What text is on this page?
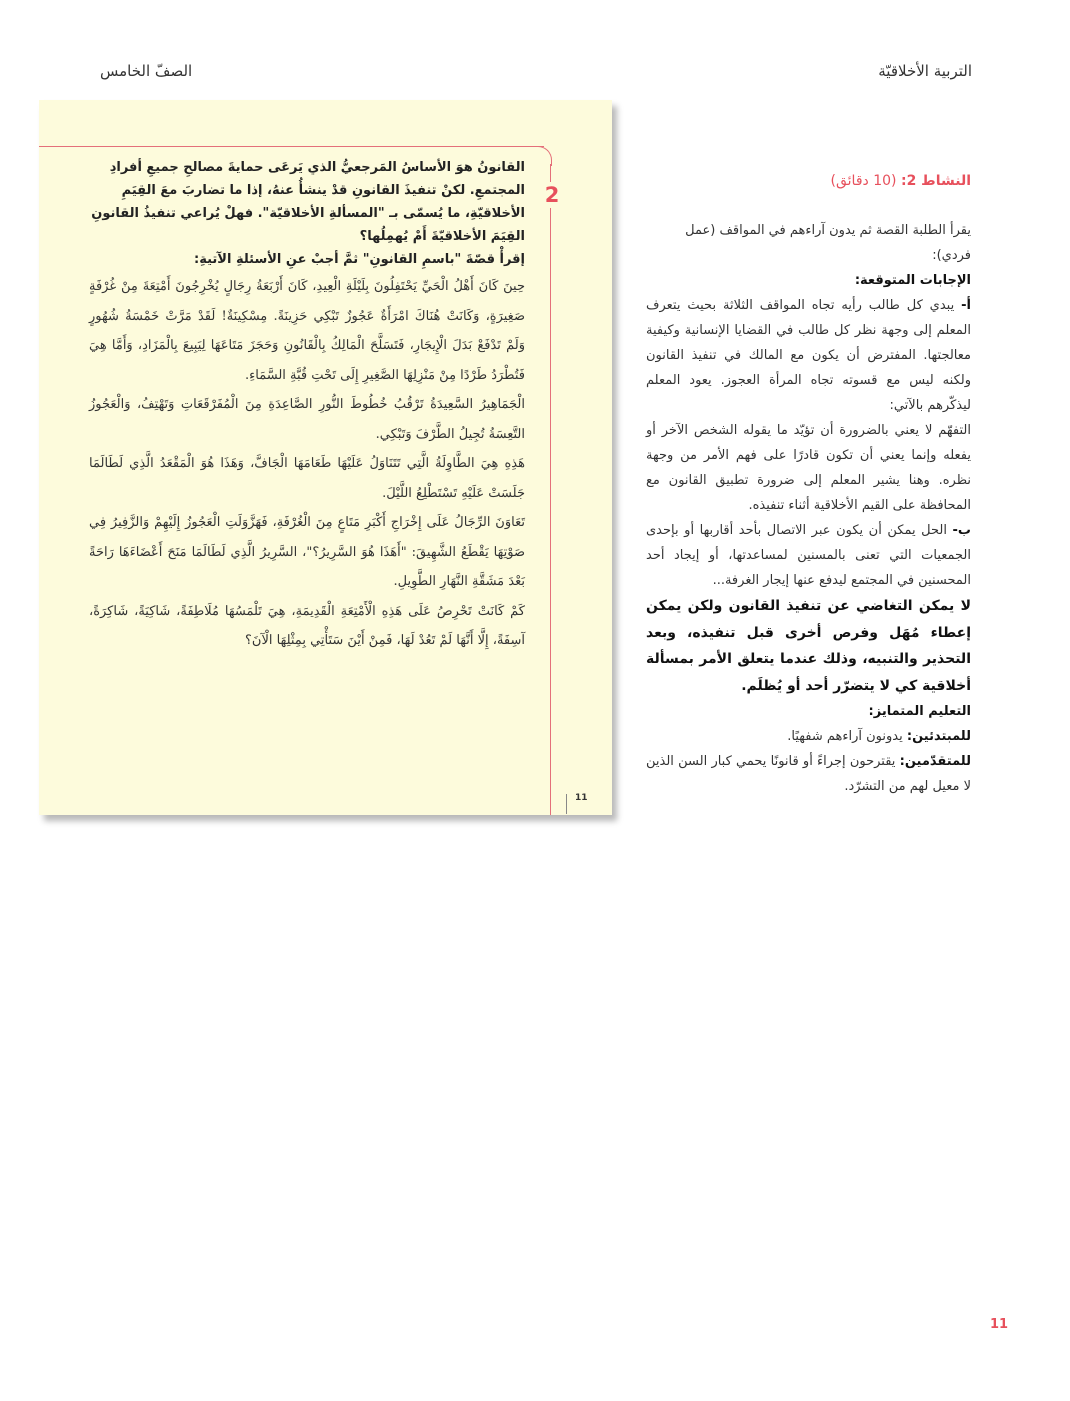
التربية الأخلاقيّة
الصفّ الخامس
2

القانونُ هوَ الأساسُ المَرجعيُّ الذي يَرعَى حمايةَ مصالحِ جميعِ أفرادِ المجتمعِ. لكنْ تنفيذَ القانونِ قدْ ينشأُ عنهُ، إذا ما تضاربَ معَ القِيَمِ الأخلاقيّةِ، ما يُسمّى بـ "المسألةِ الأخلاقيّة". فهلْ يُراعي تنفيذُ القانونِ القِيَمَ الأخلاقيّةَ أَمْ يُهمِلُها؟

إقرأْ قصّةَ "باسمِ القانونِ" ثمَّ أجبْ عنِ الأسئلةِ الآتيةِ:

حِينَ كَانَ أَهْلُ الْحَيِّ يَحْتَفِلُونَ بِلَيْلَةِ الْعِيدِ، كَانَ أَرْبَعَةُ رِجَالٍ يُخْرِجُونَ أَمْتِعَةَ مِنْ غُرْفَةٍ صَغِيرَةٍ، وَكَانَتْ هُنَاكَ امْرَأَةٌ عَجُوزٌ تَبْكِي حَزِينَةً. مِسْكِينَةٌ! لَقَدْ مَرَّتْ خَمْسَةُ شُهُورٍ وَلَمْ تَدْفَعْ بَدَلَ الْإِيجَارِ، فَتَسَلَّحَ الْمَالِكُ بِالْقَانُونِ وَحَجَزَ مَتَاعَهَا لِيَبِيعَ بِالْمَزَادِ، وَأَمَّا هِيَ فَتُطْرَدُ طَرْدًا مِنْ مَنْزِلِهَا الصَّغِيرِ إِلَى تَحْتِ قُبَّةِ السَّمَاءِ.

الْجَمَاهِيرُ السَّعِيدَةُ تَرْقُبُ خُطُوطَ النُّورِ الصَّاعِدَةِ مِنَ الْمُفَرْقَعَاتِ وَتَهْتِفُ، وَالْعَجُوزُ التَّعِسَةُ تُجِيلُ الطَّرْفَ وَتَبْكِي.

هَذِهِ هِيَ الطَّاوِلَةُ الَّتِي تَتَنَاوَلُ عَلَيْهَا طَعَامَهَا الْجَافَّ، وَهَذَا هُوَ الْمَقْعَدُ الَّذِي لَطَالَمَا جَلَسَتْ عَلَيْهِ تَسْتَطْلِعُ اللَّيْلَ.

تَعَاوَنَ الرِّجَالُ عَلَى إِخْرَاجِ أَكْبَرِ مَتَاعٍ مِنَ الْغُرْفَةِ، فَهَزَّوَلَتِ الْعَجُوزُ إِلَيْهِمْ وَالزَّفِيرُ فِي صَوْتِهَا يَقْطَعُ الشَّهِيقَ: "أَهَذَا هُوَ السَّرِيرُ؟"، السَّرِيرُ الَّذِي لَطَالَمَا مَنَحَ أَعْضَاءَهَا رَاحَةً بَعْدَ مَشَقَّةِ النَّهَارِ الطَّوِيلِ.

كَمْ كَانَتْ تَحْرِصُ عَلَى هَذِهِ الْأَمْتِعَةِ الْقَدِيمَةِ، هِيَ تَلْمَسُهَا مُلَاطِفَةً، شَاكِيَةً، شَاكِرَةً، آسِفَةً، إِلَّا أَنَّهَا لَمْ تَعُدْ لَهَا، فَمِنْ أَيْنَ سَتَأْتِي بِمِثْلِهَا الْآنَ؟

11
النشاط 2: (10 دقائق)
يقرأ الطلبة القصة ثم يدون آراءهم في المواقف (عمل فردي):
الإجابات المتوقعة:
أ- يبدي كل طالب رأيه تجاه المواقف الثلاثة بحيث يتعرف المعلم إلى وجهة نظر كل طالب في القضايا الإنسانية وكيفية معالجتها. المفترض أن يكون مع المالك في تنفيذ القانون ولكنه ليس مع قسوته تجاه المرأة العجوز. يعود المعلم ليذكّرهم بالآتي:
التفهّم لا يعني بالضرورة أن تؤيّد ما يقوله الشخص الآخر أو يفعله وإنما يعني أن تكون قادرًا على فهم الأمر من وجهة نظره. وهنا يشير المعلم إلى ضرورة تطبيق القانون مع المحافظة على القيم الأخلاقية أثناء تنفيذه.
ب- الحل يمكن أن يكون عبر الاتصال بأحد أقاربها أو بإحدى الجمعيات التي تعنى بالمسنين لمساعدتها، أو إيجاد أحد المحسنين في المجتمع ليدفع عنها إيجار الغرفة...
لا يمكن التغاضي عن تنفيذ القانون ولكن يمكن إعطاء مُهَل وفرص أخرى قبل تنفيذه، وبعد التحذير والتنبيه، وذلك عندما يتعلق الأمر بمسألة أخلاقية كي لا يتضرّر أحد أو يُظلَم.
التعليم المتمايز:
للمبتدئين: يدونون آراءهم شفهيًا.
للمتقدّمين: يقترحون إجراءً أو قانونًا يحمي كبار السن الذين لا معيل لهم من التشرّد.
11
